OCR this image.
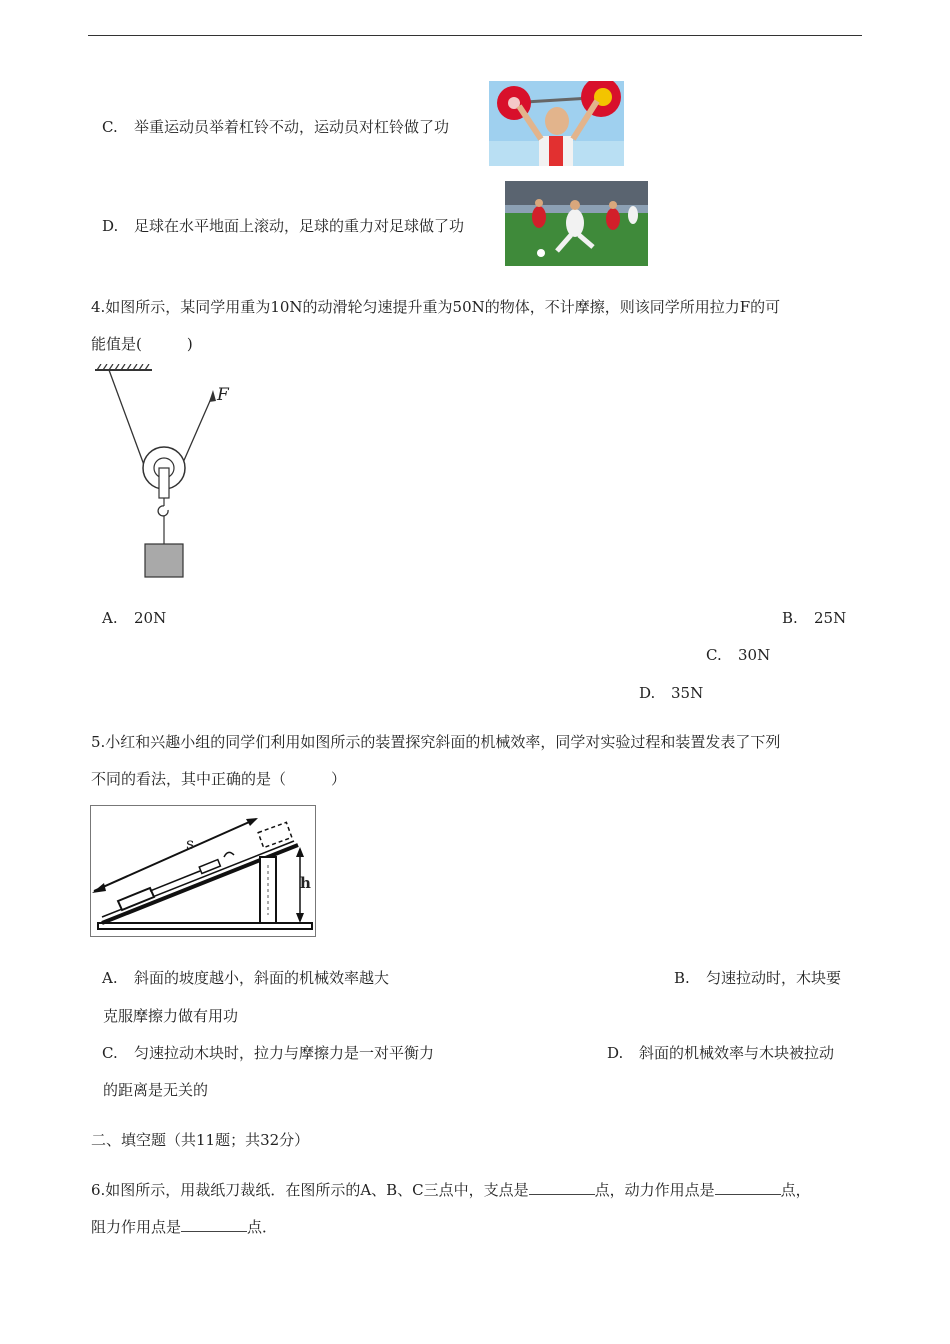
C. 举重运动员举着杠铃不动，运动员对杠铃做了功
D. 足球在水平地面上滚动，足球的重力对足球做了功
4.如图所示，某同学用重为10N的动滑轮匀速提升重为50N的物体，不计摩擦，则该同学所用拉力F的可
能值是(　　　)
F
A. 20N	B. 25N
C. 30N
D. 35N
5.小红和兴趣小组的同学们利用如图所示的装置探究斜面的机械效率，同学对实验过程和装置发表了下列
不同的看法，其中正确的是（　　　）
s
h
A. 斜面的坡度越小，斜面的机械效率越大	B. 匀速拉动时，木块要
克服摩擦力做有用功
C. 匀速拉动木块时，拉力与摩擦力是一对平衡力	D. 斜面的机械效率与木块被拉动
的距离是无关的
二、填空题（共11题；共32分）
6.如图所示，用裁纸刀裁纸．在图所示的A、B、C三点中，支点是	点，动力作用点是	点，
阻力作用点是	点．
